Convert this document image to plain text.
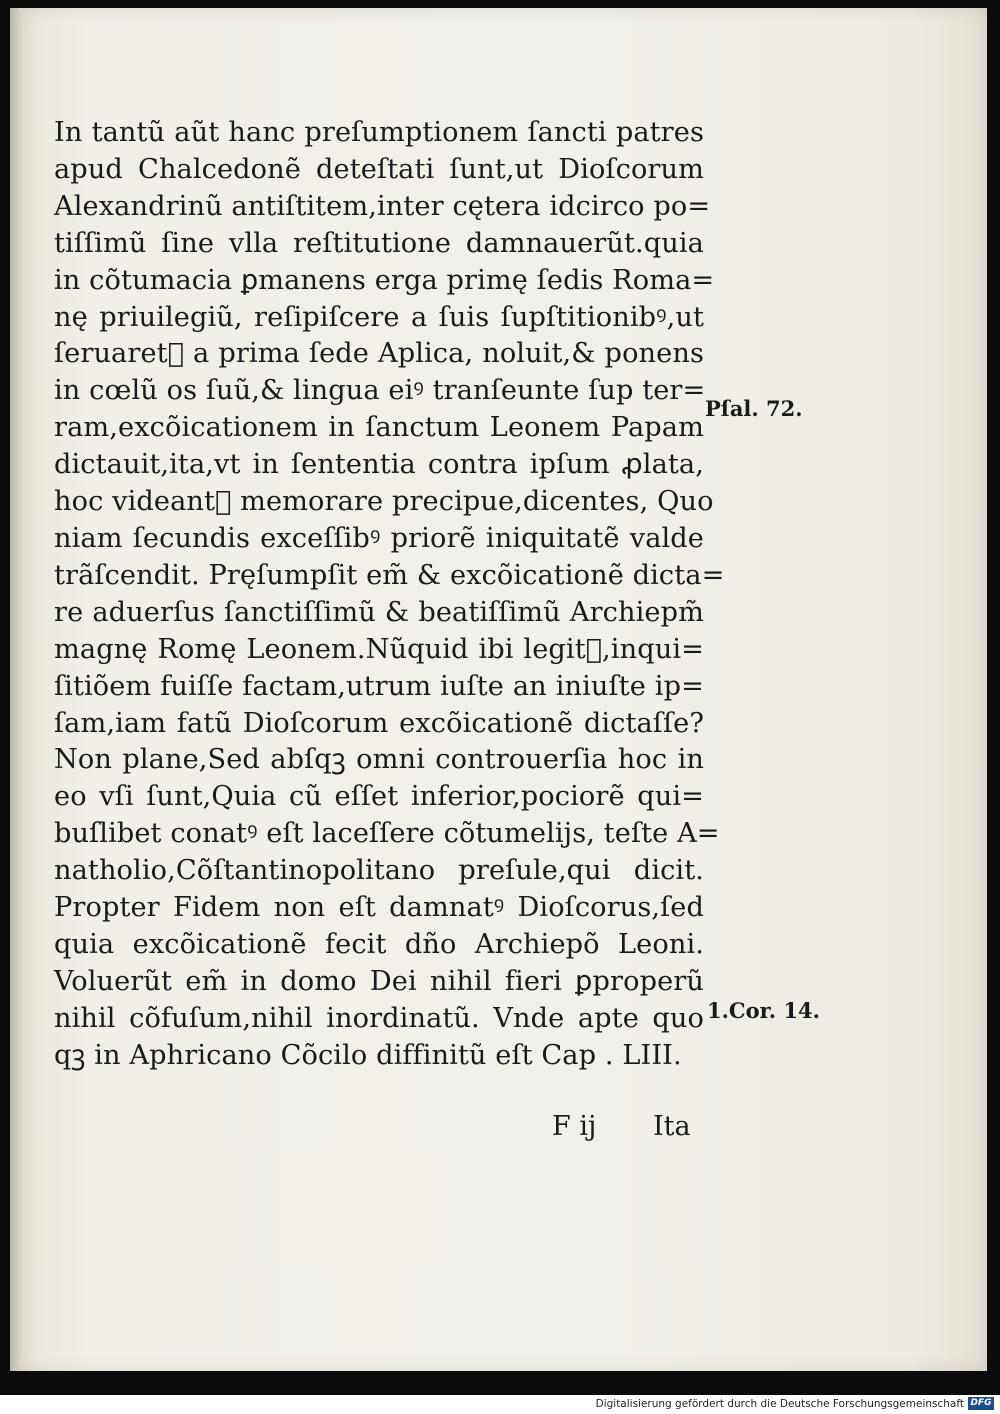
In tantũ aũt hanc preſumptionem ſancti patres
apud Chalcedonẽ deteſtati ſunt,ut Dioſcorum
Alexandrinũ antiſtitem,inter cętera idcirco po=
tiſſimũ ſine vlla reſtitutione damnauerũt.quia
in cõtumacia ꝑmanens erga primę ſedis Roma=
nę priuilegiũ, reſipiſcere a ſuis ſupſtitionibꝰ,ut
ſeruaretᷓ a prima ſede Aplica, noluit,& ponens
in cœlũ os ſuũ,& lingua eiꝰ tranſeunte ſup ter=
ram,excõicationem in ſanctum Leonem Papam
dictauit,ita,vt in ſententia contra ipſum ꝓlata,
hoc videantᷓ memorare precipue,dicentes, Quo
niam ſecundis exceſſibꝰ priorẽ iniquitatẽ valde
trãſcendit. Pręſumpſit em̃ & excõicationẽ dicta=
re aduerſus ſanctiſſimũ & beatiſſimũ Archiepm̃
magnę Romę Leonem.Nũquid ibi legitᷓ,inqui=
ſitiõem fuiſſe factam,utrum iuſte an iniuſte ip=
ſam,iam fatũ Dioſcorum excõicationẽ dictaſſe?
Non plane,Sed abſqꝫ omni controuerſia hoc in
eo vſi ſunt,Quia cũ eſſet inferior,pociorẽ qui=
buſlibet conatꝰ eſt laceſſere cõtumelijs, teſte A=
natholio,Cõſtantinopolitano preſule,qui dicit.
Propter Fidem non eſt damnatꝰ Dioſcorus,ſed
quia excõicationẽ fecit dño Archiepõ Leoni.
Voluerũt em̃ in domo Dei nihil fieri ꝑproperũ
nihil cõfuſum,nihil inordinatũ. Vnde apte quo
qꝫ in Aphricano Cõcilo diffinitũ eſt Cap . LIII.
Pſal. 72.
1.Cor. 14.
F ij Ita
Digitalisierung gefördert durch die Deutsche Forschungsgemeinschaft DFG
